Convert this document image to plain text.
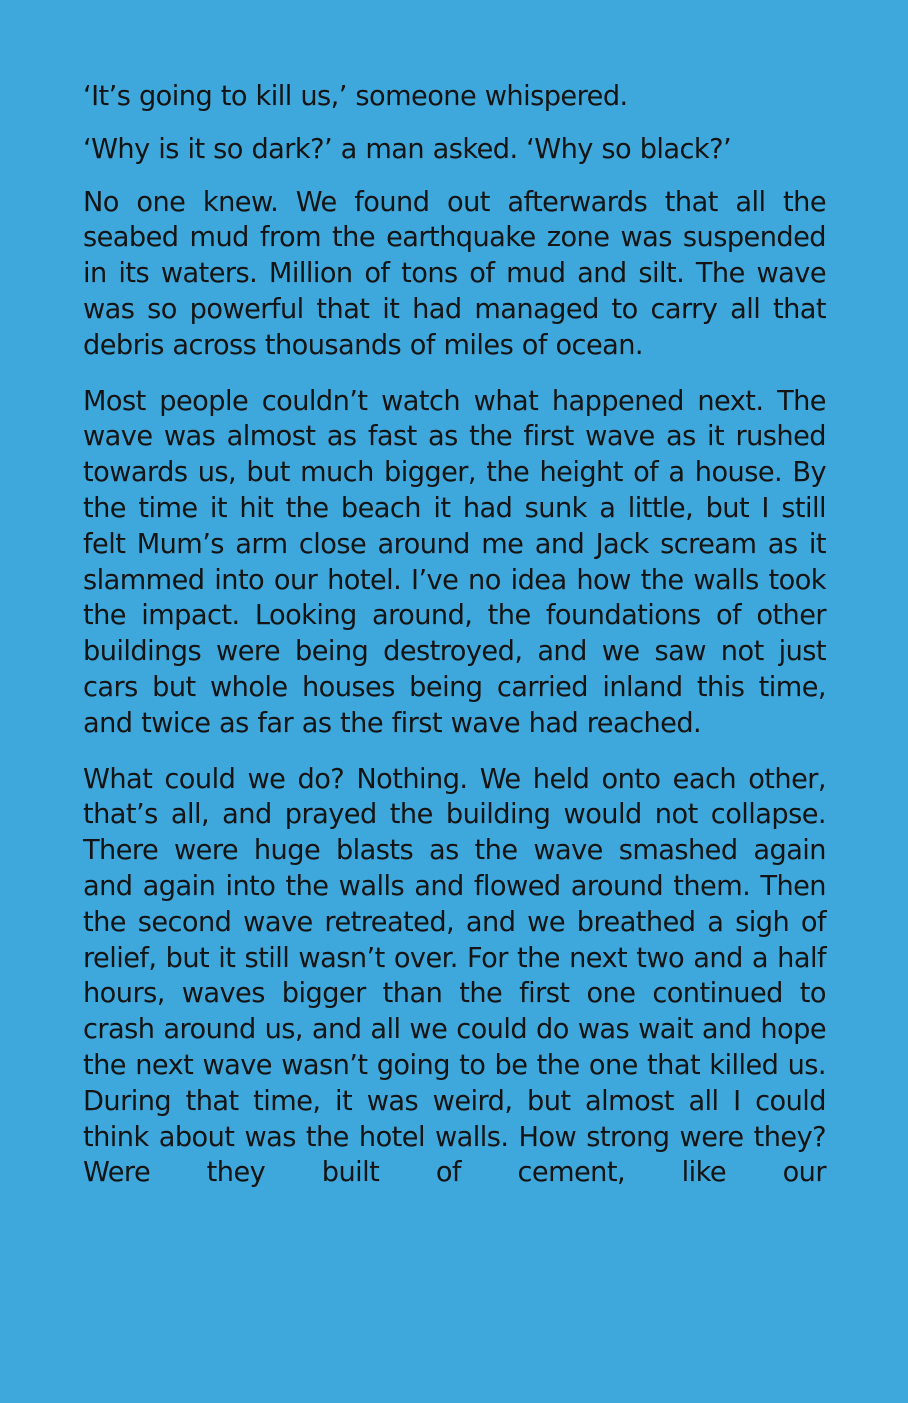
‘It’s going to kill us,’ someone whispered.

‘Why is it so dark?’ a man asked. ‘Why so black?’

No one knew. We found out afterwards that all the seabed mud from the earthquake zone was suspended in its waters. Million of tons of mud and silt. The wave was so powerful that it had managed to carry all that debris across thousands of miles of ocean.

Most people couldn’t watch what happened next. The wave was almost as fast as the first wave as it rushed towards us, but much bigger, the height of a house. By the time it hit the beach it had sunk a little, but I still felt Mum’s arm close around me and Jack scream as it slammed into our hotel. I’ve no idea how the walls took the impact. Looking around, the foundations of other buildings were being destroyed, and we saw not just cars but whole houses being carried inland this time, and twice as far as the first wave had reached.

What could we do? Nothing. We held onto each other, that’s all, and prayed the building would not collapse. There were huge blasts as the wave smashed again and again into the walls and flowed around them. Then the second wave retreated, and we breathed a sigh of relief, but it still wasn’t over. For the next two and a half hours, waves bigger than the first one continued to crash around us, and all we could do was wait and hope the next wave wasn’t going to be the one that killed us. During that time, it was weird, but almost all I could think about was the hotel walls. How strong were they? Were they built of cement, like our
